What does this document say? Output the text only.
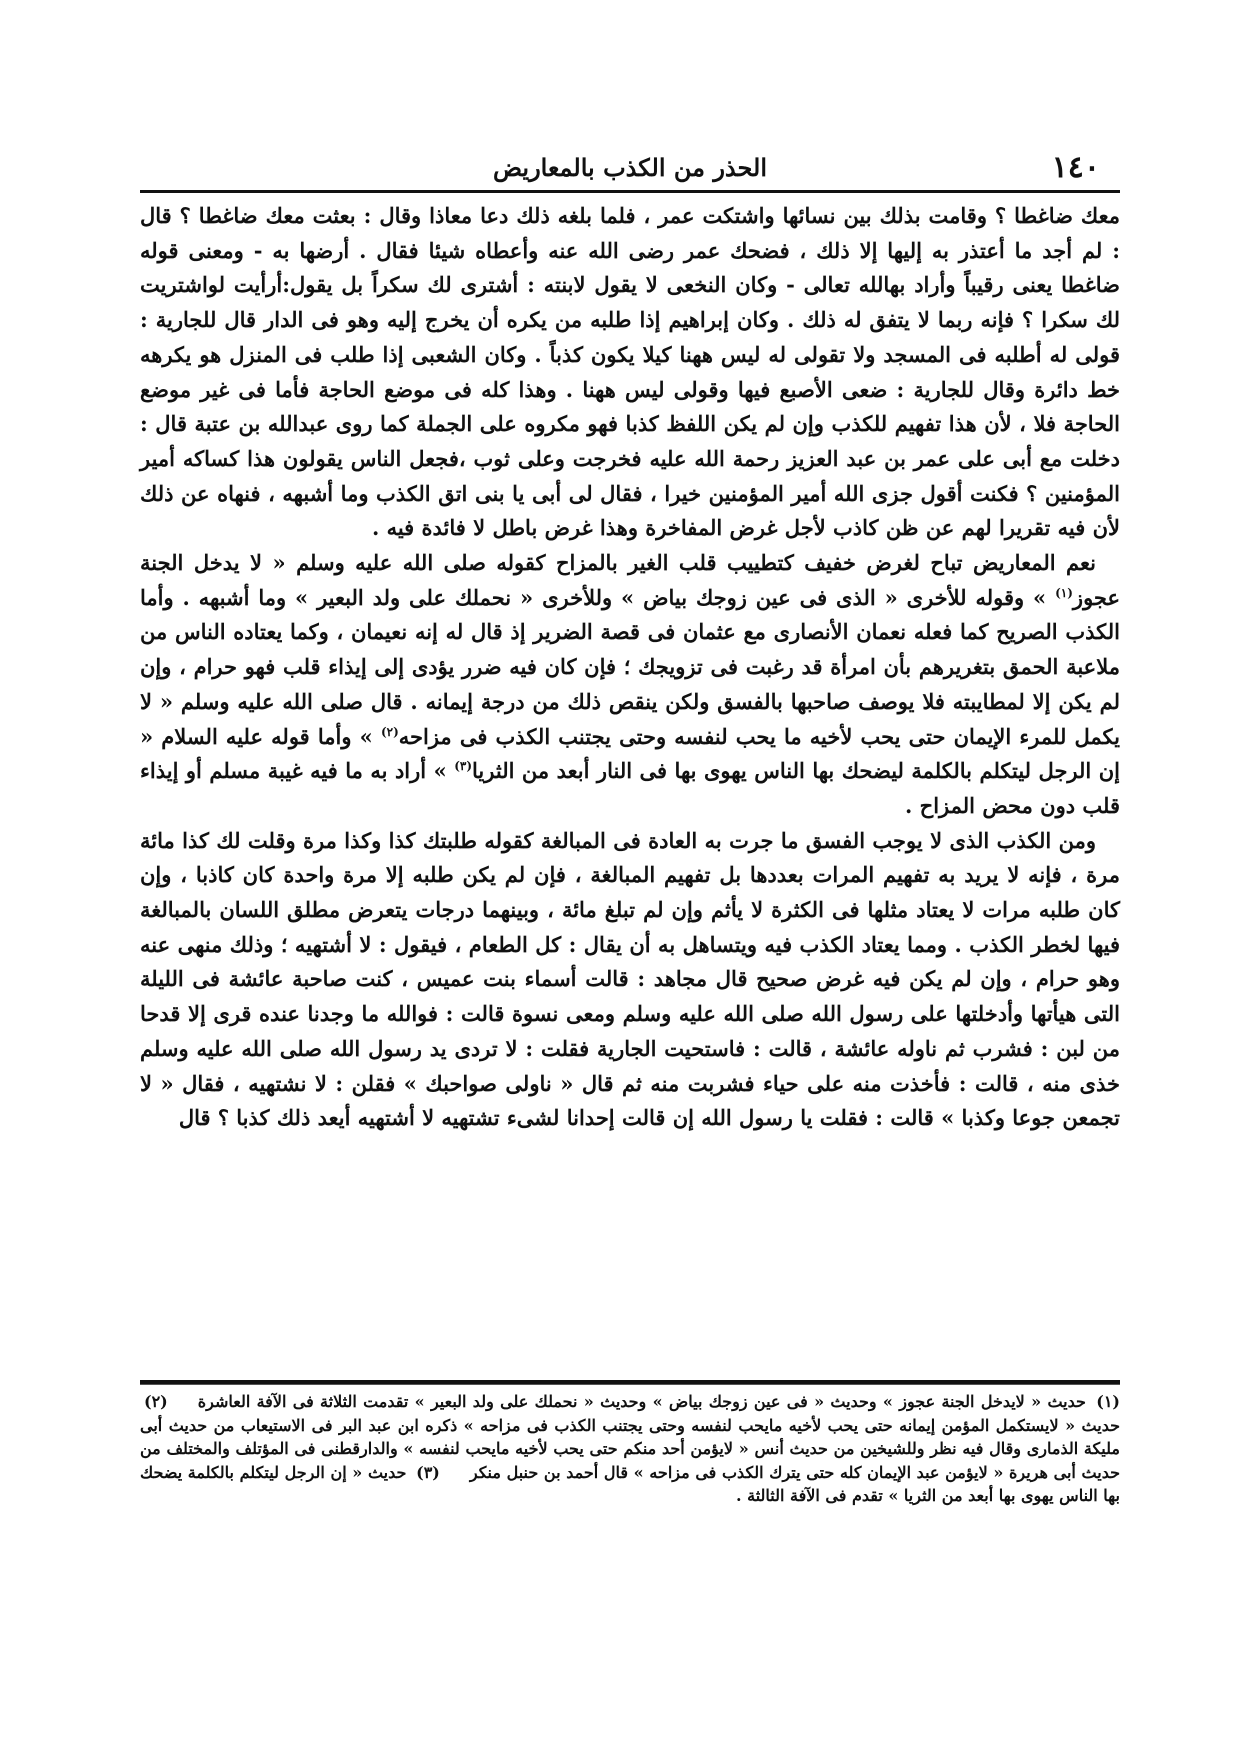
١٤٠
الحذر من الكذب بالمعاريض

معك ضاغطا ؟ وقامت بذلك بين نسائها واشتكت عمر ، فلما بلغه ذلك دعا معاذا وقال : بعثت معك ضاغطا ؟ قال : لم أجد ما أعتذر به إليها إلا ذلك ، فضحك عمر رضى الله عنه وأعطاه شيئا فقال . أرضها به - ومعنى قوله ضاغطا يعنى رقيباً وأراد بهالله تعالى - وكان النخعى لا يقول لابنته : أشترى لك سكراً بل يقول:أرأيت لواشتريت لك سكرا ؟ فإنه ربما لا يتفق له ذلك . وكان إبراهيم إذا طلبه من يكره أن يخرج إليه وهو فى الدار قال للجارية : قولى له أطلبه فى المسجد ولا تقولى له ليس ههنا كيلا يكون كذباً . وكان الشعبى إذا طلب فى المنزل هو يكرهه خط دائرة وقال للجارية : ضعى الأصبع فيها وقولى ليس ههنا . وهذا كله فى موضع الحاجة فأما فى غير موضع الحاجة فلا ، لأن هذا تفهيم للكذب وإن لم يكن اللفظ كذبا فهو مكروه على الجملة كما روى عبدالله بن عتبة قال : دخلت مع أبى على عمر بن عبد العزيز رحمة الله عليه فخرجت وعلى ثوب ،فجعل الناس يقولون هذا كساكه أمير المؤمنين ؟ فكنت أقول جزى الله أمير المؤمنين خيرا ، فقال لى أبى يا بنى اتق الكذب وما أشبهه ، فنهاه عن ذلك لأن فيه تقريرا لهم عن ظن كاذب لأجل غرض المفاخرة وهذا غرض باطل لا فائدة فيه .

نعم المعاريض تباح لغرض خفيف كتطييب قلب الغير بالمزاح كقوله صلى الله عليه وسلم « لا يدخل الجنة عجوز$^{(١)}$ » وقوله للأخرى « الذى فى عين زوجك بياض » وللأخرى « نحملك على ولد البعير » وما أشبهه . وأما الكذب الصريح كما فعله نعمان الأنصارى مع عثمان فى قصة الضرير إذ قال له إنه نعيمان ، وكما يعتاده الناس من ملاعبة الحمق بتغريرهم بأن امرأة قد رغبت فى تزويجك ؛ فإن كان فيه ضرر يؤدى إلى إيذاء قلب فهو حرام ، وإن لم يكن إلا لمطايبته فلا يوصف صاحبها بالفسق ولكن ينقص ذلك من درجة إيمانه . قال صلى الله عليه وسلم « لا يكمل للمرء الإيمان حتى يحب لأخيه ما يحب لنفسه وحتى يجتنب الكذب فى مزاحه$^{(٢)}$ » وأما قوله عليه السلام « إن الرجل ليتكلم بالكلمة ليضحك بها الناس يهوى بها فى النار أبعد من الثريا$^{(٣)}$ » أراد به ما فيه غيبة مسلم أو إيذاء قلب دون محض المزاح .

ومن الكذب الذى لا يوجب الفسق ما جرت به العادة فى المبالغة كقوله طلبتك كذا وكذا مرة وقلت لك كذا مائة مرة ، فإنه لا يريد به تفهيم المرات بعددها بل تفهيم المبالغة ، فإن لم يكن طلبه إلا مرة واحدة كان كاذبا ، وإن كان طلبه مرات لا يعتاد مثلها فى الكثرة لا يأثم وإن لم تبلغ مائة ، وبينهما درجات يتعرض مطلق اللسان بالمبالغة فيها لخطر الكذب . ومما يعتاد الكذب فيه ويتساهل به أن يقال : كل الطعام ، فيقول : لا أشتهيه ؛ وذلك منهى عنه وهو حرام ، وإن لم يكن فيه غرض صحيح قال مجاهد : قالت أسماء بنت عميس ، كنت صاحبة عائشة فى الليلة التى هيأتها وأدخلتها على رسول الله صلى الله عليه وسلم ومعى نسوة قالت : فوالله ما وجدنا عنده قرى إلا قدحا من لبن : فشرب ثم ناوله عائشة ، قالت : فاستحيت الجارية فقلت : لا تردى يد رسول الله صلى الله عليه وسلم خذى منه ، قالت : فأخذت منه على حياء فشربت منه ثم قال « ناولى صواحبك » فقلن : لا نشتهيه ، فقال « لا تجمعن جوعا وكذبا » قالت : فقلت يا رسول الله إن قالت إحدانا لشىء تشتهيه لا أشتهيه أيعد ذلك كذبا ؟ قال

(١) حديث « لايدخل الجنة عجوز » وحديث « فى عين زوجك بياض » وحديث « نحملك على ولد البعير » تقدمت الثلاثة فى الآفة العاشرة(٢) حديث « لايستكمل المؤمن إيمانه حتى يحب لأخيه مايحب لنفسه وحتى يجتنب الكذب فى مزاحه » ذكره ابن عبد البر فى الاستيعاب من حديث أبى مليكة الذمارى وقال فيه نظر وللشيخين من حديث أنس « لايؤمن أحد منكم حتى يحب لأخيه مايحب لنفسه » والدارقطنى فى المؤتلف والمختلف من حديث أبى هريرة « لايؤمن عبد الإيمان كله حتى يترك الكذب فى مزاحه » قال أحمد بن حنبل منكر(٣) حديث « إن الرجل ليتكلم بالكلمة يضحك بها الناس يهوى بها أبعد من الثريا » تقدم فى الآفة الثالثة .
